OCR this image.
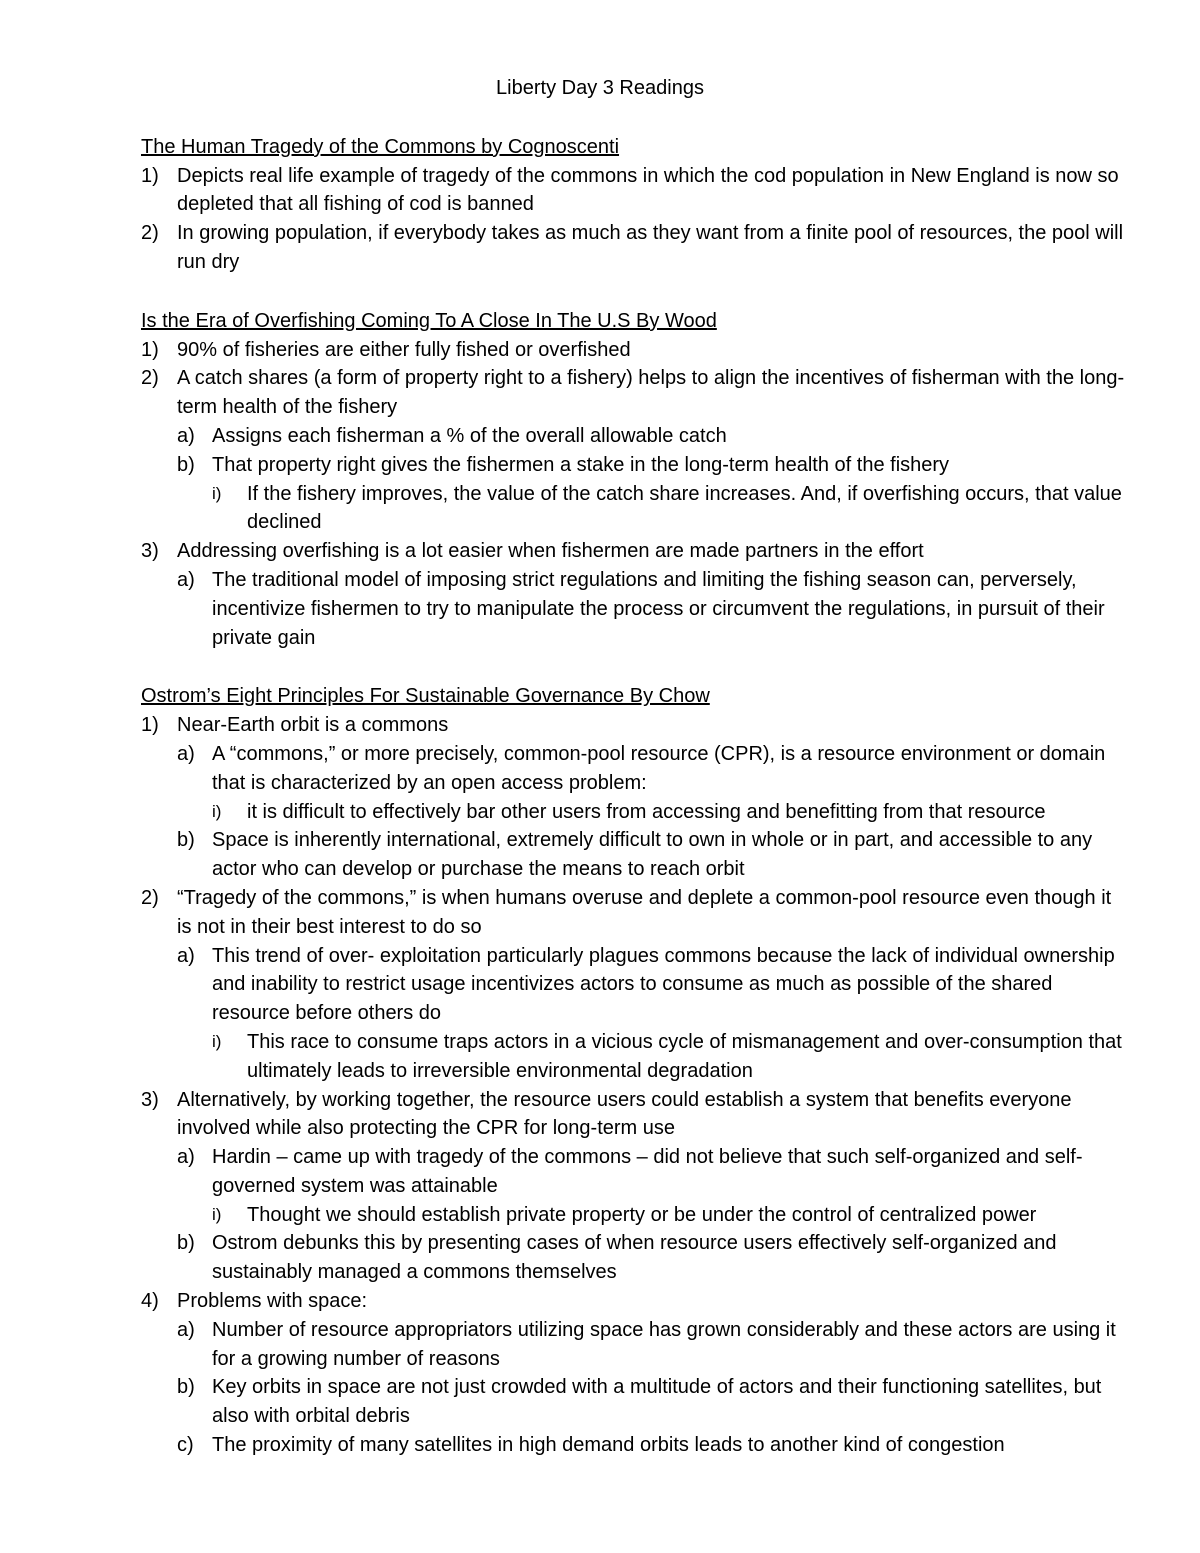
Liberty Day 3 Readings
The Human Tragedy of the Commons by Cognoscenti
1) Depicts real life example of tragedy of the commons in which the cod population in New England is now so depleted that all fishing of cod is banned
2) In growing population, if everybody takes as much as they want from a finite pool of resources, the pool will run dry
Is the Era of Overfishing Coming To A Close In The U.S By Wood
1) 90% of fisheries are either fully fished or overfished
2) A catch shares (a form of property right to a fishery) helps to align the incentives of fisherman with the long-term health of the fishery
a) Assigns each fisherman a % of the overall allowable catch
b) That property right gives the fishermen a stake in the long-term health of the fishery
i)	If the fishery improves, the value of the catch share increases. And, if overfishing occurs, that value declined
3) Addressing overfishing is a lot easier when fishermen are made partners in the effort
a) The traditional model of imposing strict regulations and limiting the fishing season can, perversely, incentivize fishermen to try to manipulate the process or circumvent the regulations, in pursuit of their private gain
Ostrom’s Eight Principles For Sustainable Governance By Chow
1) Near-Earth orbit is a commons
a) A “commons,” or more precisely, common-pool resource (CPR), is a resource environment or domain that is characterized by an open access problem:
i)	it is difficult to effectively bar other users from accessing and benefitting from that resource
b) Space is inherently international, extremely difficult to own in whole or in part, and accessible to any actor who can develop or purchase the means to reach orbit
2) “Tragedy of the commons,” is when humans overuse and deplete a common-pool resource even though it is not in their best interest to do so
a) This trend of over- exploitation particularly plagues commons because the lack of individual ownership and inability to restrict usage incentivizes actors to consume as much as possible of the shared resource before others do
i)	This race to consume traps actors in a vicious cycle of mismanagement and over-consumption that ultimately leads to irreversible environmental degradation
3) Alternatively, by working together, the resource users could establish a system that benefits everyone involved while also protecting the CPR for long-term use
a) Hardin – came up with tragedy of the commons – did not believe that such self-organized and self-governed system was attainable
i)	Thought we should establish private property or be under the control of centralized power
b) Ostrom debunks this by presenting cases of when resource users effectively self-organized and sustainably managed a commons themselves
4) Problems with space:
a) Number of resource appropriators utilizing space has grown considerably and these actors are using it for a growing number of reasons
b) Key orbits in space are not just crowded with a multitude of actors and their functioning satellites, but also with orbital debris
c) The proximity of many satellites in high demand orbits leads to another kind of congestion
